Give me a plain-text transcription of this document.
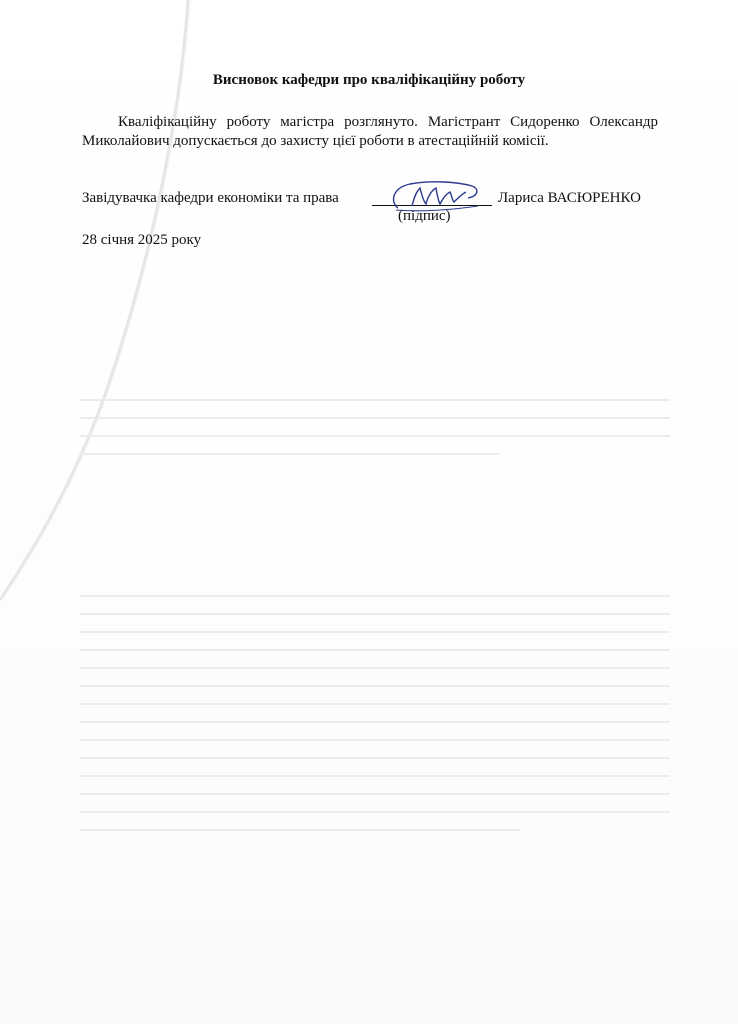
Висновок кафедри про кваліфікаційну роботу

Кваліфікаційну роботу магістра розглянуто. Магістрант Сидоренко Олександр Миколайович допускається до захисту цієї роботи в атестаційній комісії.

Завідувачка кафедри економіки та права	Лариса ВАСЮРЕНКО
(підпис)
28 січня 2025 року
